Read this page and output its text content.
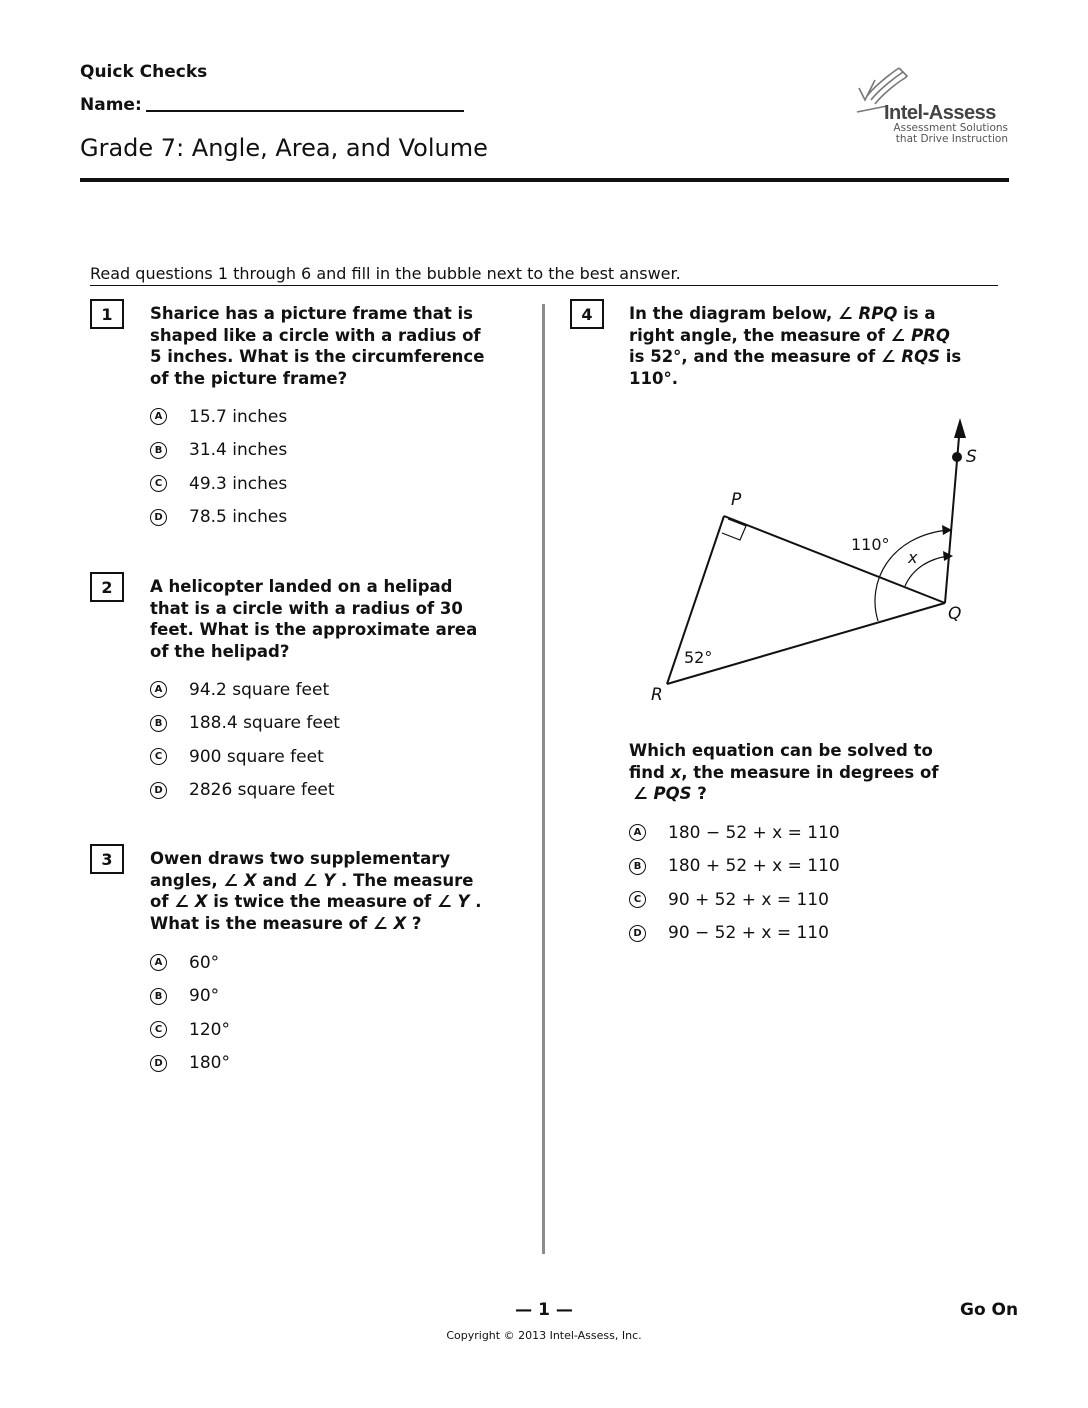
Quick Checks
Name:
Grade 7: Angle, Area, and Volume
Intel-Assess
Assessment Solutions
that Drive Instruction
Read questions 1 through 6 and fill in the bubble next to the best answer.
1	Sharice has a picture frame that is
shaped like a circle with a radius of
5 inches. What is the circumference
of the picture frame?
A 15.7 inches
B 31.4 inches
C 49.3 inches
D 78.5 inches
2	A helicopter landed on a helipad
that is a circle with a radius of 30
feet. What is the approximate area
of the helipad?
A 94.2 square feet
B 188.4 square feet
C 900 square feet
D 2826 square feet
3	Owen draws two supplementary
angles, ∠ X and ∠ Y . The measure
of ∠ X is twice the measure of ∠ Y .
What is the measure of ∠ X ?
A 60°
B 90°
C 120°
D 180°
4	In the diagram below, ∠ RPQ is a
right angle, the measure of ∠ PRQ
is 52°, and the measure of ∠ RQS is
110°.
P
Q
R
S
x
110°
52°
Which equation can be solved to
find x, the measure in degrees of
∠ PQS ?
A 180 − 52 + x = 110
B 180 + 52 + x = 110
C 90 + 52 + x = 110
D 90 − 52 + x = 110
— 1 —	Go On
Copyright © 2013 Intel-Assess, Inc.
